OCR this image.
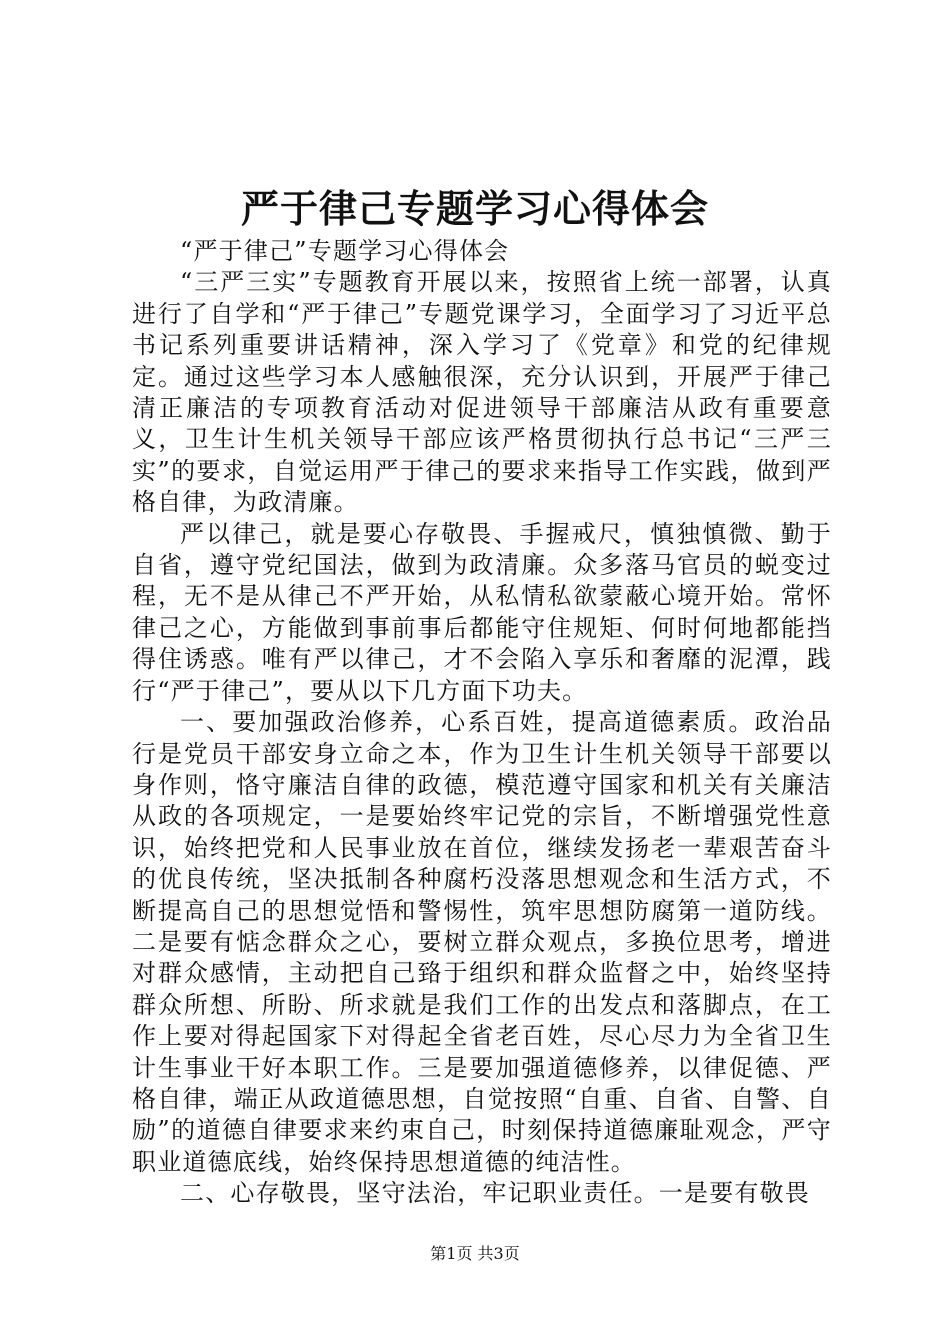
严于律己专题学习心得体会

“严于律己”专题学习心得体会

“三严三实”专题教育开展以来，按照省上统一部署，认真进行了自学和“严于律己”专题党课学习，全面学习了习近平总书记系列重要讲话精神，深入学习了《党章》和党的纪律规定。通过这些学习本人感触很深，充分认识到，开展严于律己清正廉洁的专项教育活动对促进领导干部廉洁从政有重要意义，卫生计生机关领导干部应该严格贯彻执行总书记“三严三实”的要求，自觉运用严于律己的要求来指导工作实践，做到严格自律，为政清廉。

严以律己，就是要心存敬畏、手握戒尺，慎独慎微、勤于自省，遵守党纪国法，做到为政清廉。众多落马官员的蜕变过程，无不是从律己不严开始，从私情私欲蒙蔽心境开始。常怀律己之心，方能做到事前事后都能守住规矩、何时何地都能挡得住诱惑。唯有严以律己，才不会陷入享乐和奢靡的泥潭，践行“严于律己”，要从以下几方面下功夫。

一、要加强政治修养，心系百姓，提高道德素质。政治品行是党员干部安身立命之本，作为卫生计生机关领导干部要以身作则，恪守廉洁自律的政德，模范遵守国家和机关有关廉洁从政的各项规定，一是要始终牢记党的宗旨，不断增强党性意识，始终把党和人民事业放在首位，继续发扬老一辈艰苦奋斗的优良传统，坚决抵制各种腐朽没落思想观念和生活方式，不断提高自己的思想觉悟和警惕性，筑牢思想防腐第一道防线。二是要有惦念群众之心，要树立群众观点，多换位思考，增进对群众感情，主动把自己臵于组织和群众监督之中，始终坚持群众所想、所盼、所求就是我们工作的出发点和落脚点，在工作上要对得起国家下对得起全省老百姓，尽心尽力为全省卫生计生事业干好本职工作。三是要加强道德修养，以律促德、严格自律，端正从政道德思想，自觉按照“自重、自省、自警、自励”的道德自律要求来约束自己，时刻保持道德廉耻观念，严守职业道德底线，始终保持思想道德的纯洁性。

二、心存敬畏，坚守法治，牢记职业责任。一是要有敬畏

第1页 共3页
